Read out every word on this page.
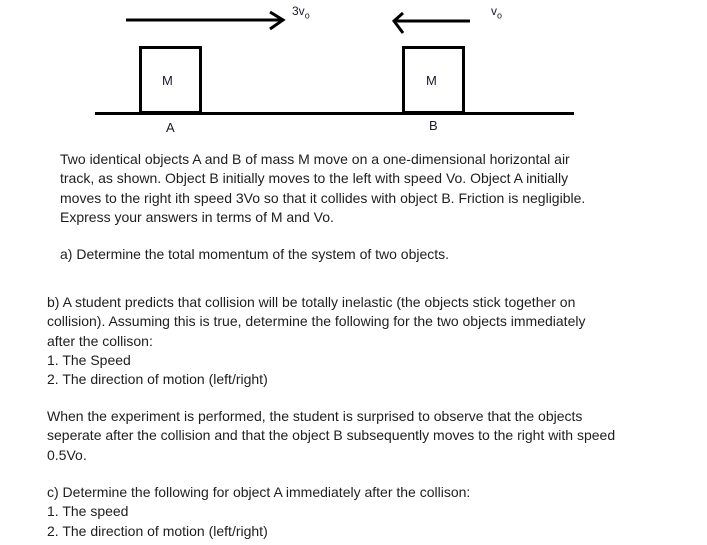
$3v_o$	$v_o$
M	M
A	B
Two identical objects A and B of mass M move on a one-dimensional horizontal air
track, as shown. Object B initially moves to the left with speed Vo. Object A initially
moves to the right ith speed 3Vo so that it collides with object B. Friction is negligible.
Express your answers in terms of M and Vo.
a) Determine the total momentum of the system of two objects.
b) A student predicts that collision will be totally inelastic (the objects stick together on
collision). Assuming this is true, determine the following for the two objects immediately
after the collison:
1. The Speed
2. The direction of motion (left/right)
When the experiment is performed, the student is surprised to observe that the objects
seperate after the collision and that the object B subsequently moves to the right with speed
0.5Vo.
c) Determine the following for object A immediately after the collison:
1. The speed
2. The direction of motion (left/right)
